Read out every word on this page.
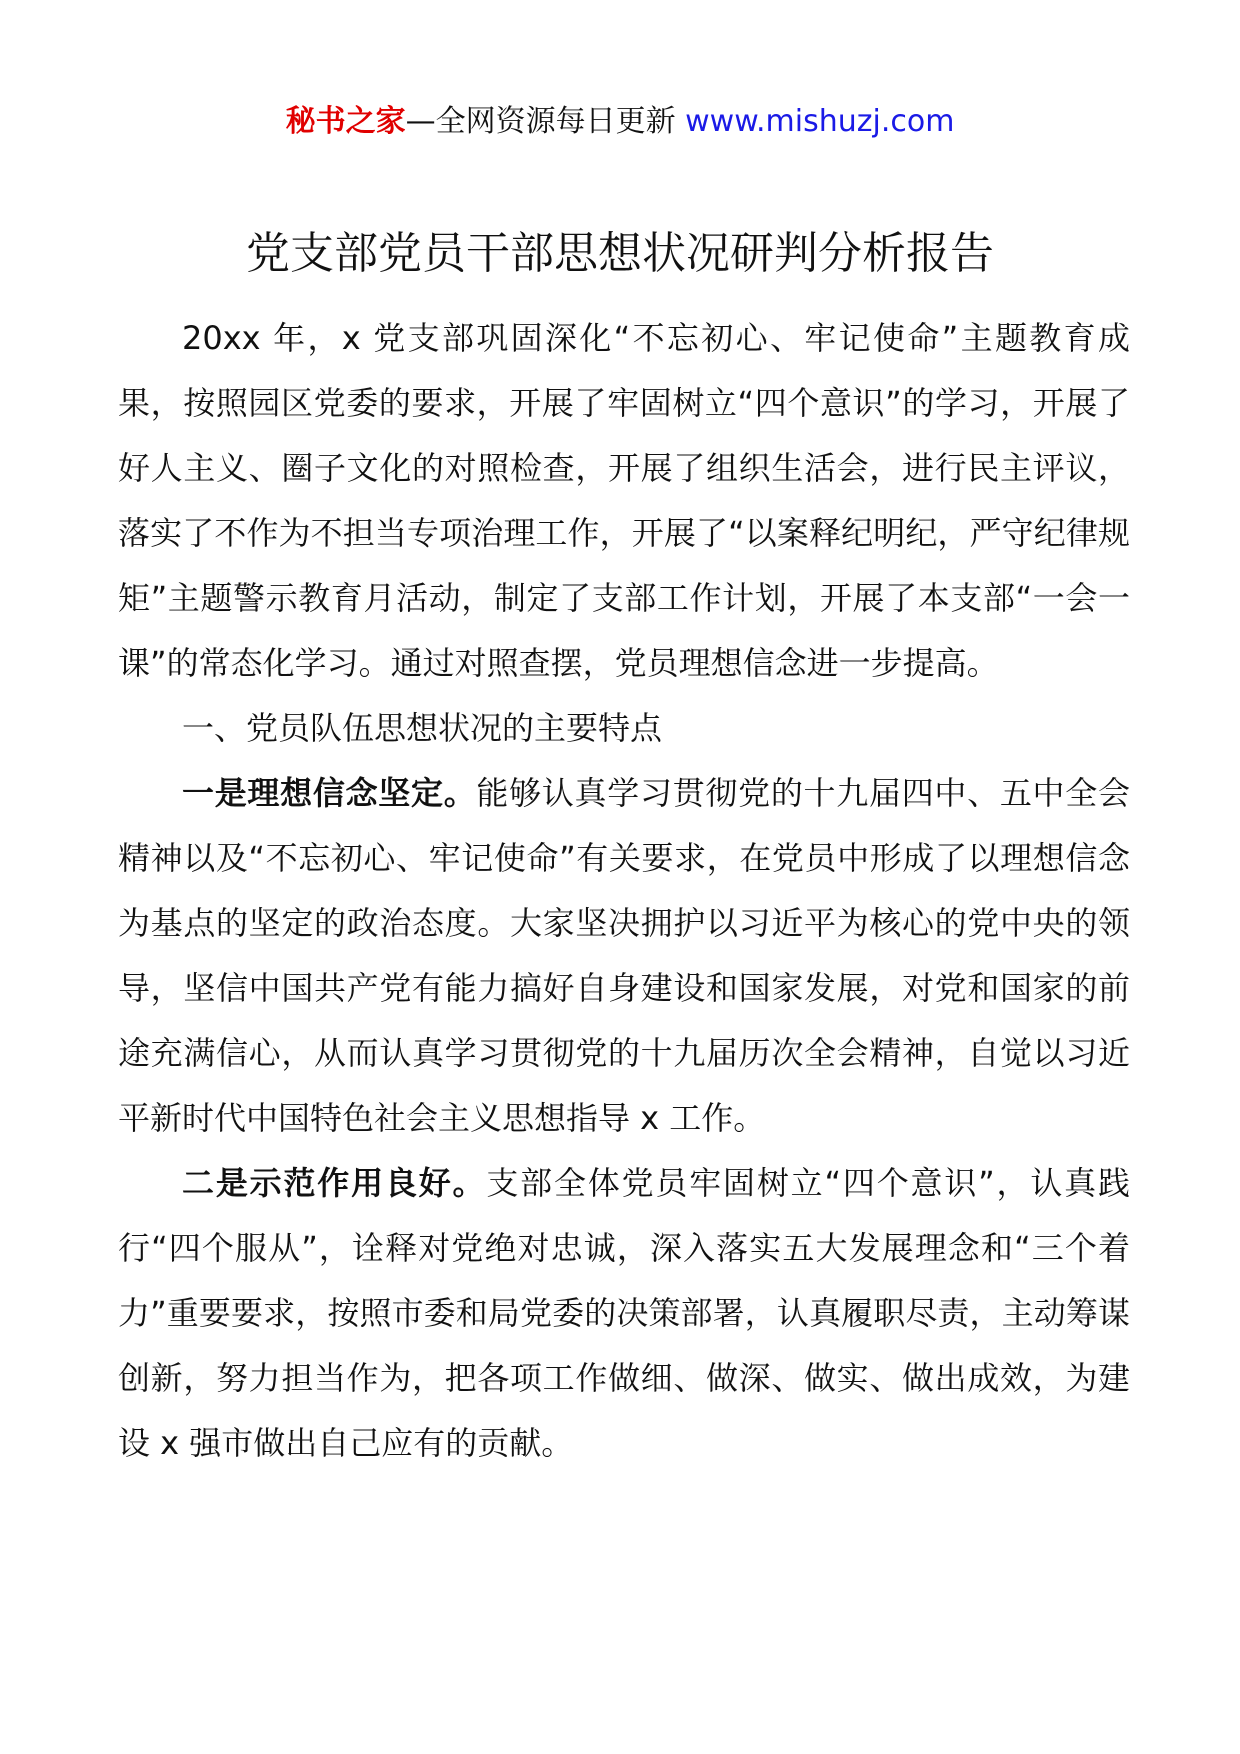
秘书之家—全网资源每日更新 www.mishuzj.com
党支部党员干部思想状况研判分析报告

20xx 年，x 党支部巩固深化“不忘初心、牢记使命”主题教育成果，按照园区党委的要求，开展了牢固树立“四个意识”的学习，开展了好人主义、圈子文化的对照检查，开展了组织生活会，进行民主评议，落实了不作为不担当专项治理工作，开展了“以案释纪明纪，严守纪律规矩”主题警示教育月活动，制定了支部工作计划，开展了本支部“一会一课”的常态化学习。通过对照查摆，党员理想信念进一步提高。

一、党员队伍思想状况的主要特点

一是理想信念坚定。能够认真学习贯彻党的十九届四中、五中全会精神以及“不忘初心、牢记使命”有关要求，在党员中形成了以理想信念为基点的坚定的政治态度。大家坚决拥护以习近平为核心的党中央的领导，坚信中国共产党有能力搞好自身建设和国家发展，对党和国家的前途充满信心，从而认真学习贯彻党的十九届历次全会精神，自觉以习近平新时代中国特色社会主义思想指导 x 工作。

二是示范作用良好。支部全体党员牢固树立“四个意识”，认真践行“四个服从”，诠释对党绝对忠诚，深入落实五大发展理念和“三个着力”重要要求，按照市委和局党委的决策部署，认真履职尽责，主动筹谋创新，努力担当作为，把各项工作做细、做深、做实、做出成效，为建设 x 强市做出自己应有的贡献。
